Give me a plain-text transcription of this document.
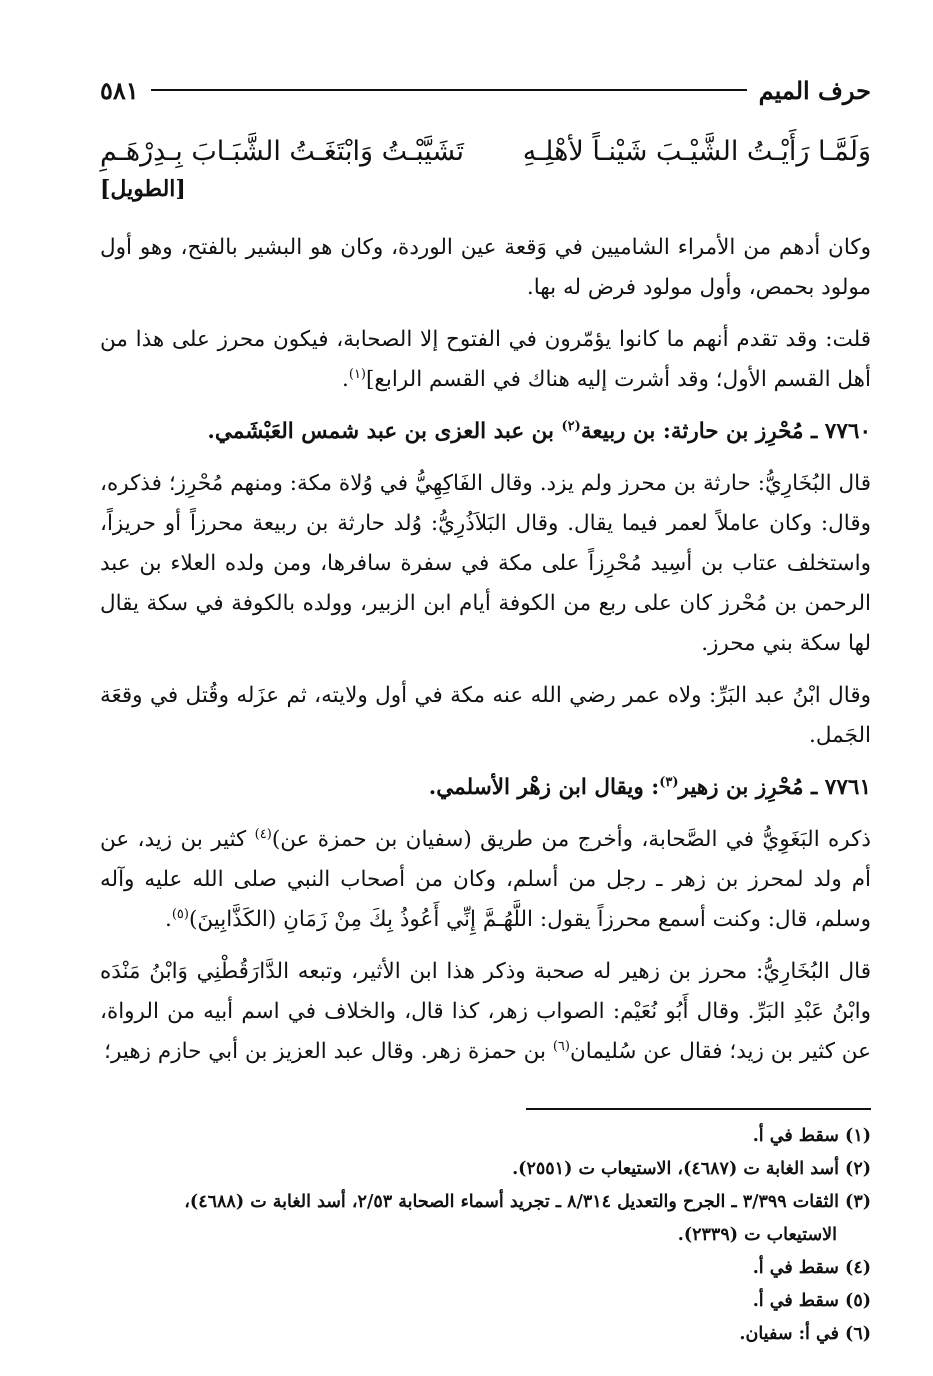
حرف الميم
٥٨١
وَلَمَّـا رَأَيْـتُ الشَّيْـبَ شَيْنـاً لأهْلِـهِ
تَشَيَّبْـتُ وَابْتَغَـتُ الشَّبَـابَ بِـدِرْهَـمِ
[الطويل]

وكان أدهم من الأمراء الشاميين في وَقعة عين الوردة، وكان هو البشير بالفتح، وهو أول مولود بحمص، وأول مولود فرض له بها.

قلت: وقد تقدم أنهم ما كانوا يؤمّرون في الفتوح إلا الصحابة، فيكون محرز على هذا من أهل القسم الأول؛ وقد أشرت إليه هناك في القسم الرابع]$^{(١)}$.

٧٧٦٠ ـ مُحْرِز بن حارثة: بن ربيعة$^{(٢)}$ بن عبد العزى بن عبد شمس العَبْشَمي.

قال البُخَارِيُّ: حارثة بن محرز ولم يزد. وقال الفَاكِهِيُّ في وُلاة مكة: ومنهم مُحْرِز؛ فذكره، وقال: وكان عاملاً لعمر فيما يقال. وقال البَلاَذُرِيُّ: وُلد حارثة بن ربيعة محرزاً أو حريزاً، واستخلف عتاب بن أسِيد مُحْرِزاً على مكة في سفرة سافرها، ومن ولده العلاء بن عبد الرحمن بن مُحْرز كان على ربع من الكوفة أيام ابن الزبير، وولده بالكوفة في سكة يقال لها سكة بني محرز.

وقال ابْنُ عبد البَرِّ: ولاه عمر رضي الله عنه مكة في أول ولايته، ثم عزَله وقُتل في وقعَة الجَمل.

٧٧٦١ ـ مُحْرِز بن زهير$^{(٣)}$: ويقال ابن زهْر الأسلمي.

ذكره البَغَوِيُّ في الصَّحابة، وأخرج من طريق (سفيان بن حمزة عن)$^{(٤)}$ كثير بن زيد، عن أم ولد لمحرز بن زهر ـ رجل من أسلم، وكان من أصحاب النبي صلى الله عليه وآله وسلم، قال: وكنت أسمع محرزاً يقول: اللَّهُـمَّ إِنِّي أَعُوذُ بِكَ مِنْ زَمَانِ (الكَذَّابِينَ)$^{(٥)}$.

قال البُخَارِيُّ: محرز بن زهير له صحبة وذكر هذا ابن الأثير، وتبعه الدَّارَقُطْنِي وَابْنُ مَنْدَه وابْنُ عَبْدِ البَرِّ. وقال أَبُو نُعَيْم: الصواب زهر، كذا قال، والخلاف في اسم أبيه من الرواة، عن كثير بن زيد؛ فقال عن سُليمان$^{(٦)}$ بن حمزة زهر. وقال عبد العزيز بن أبي حازم زهير؛

(١) سقط في أ.
(٢) أسد الغابة ت (٤٦٨٧)، الاستيعاب ت (٢٥٥١).
(٣) الثقات ٣/٣٩٩ ـ الجرح والتعديل ٨/٣١٤ ـ تجريد أسماء الصحابة ٢/٥٣، أسد الغابة ت (٤٦٨٨)،
الاستيعاب ت (٢٣٣٩).
(٤) سقط في أ.
(٥) سقط في أ.
(٦) في أ: سفيان.
